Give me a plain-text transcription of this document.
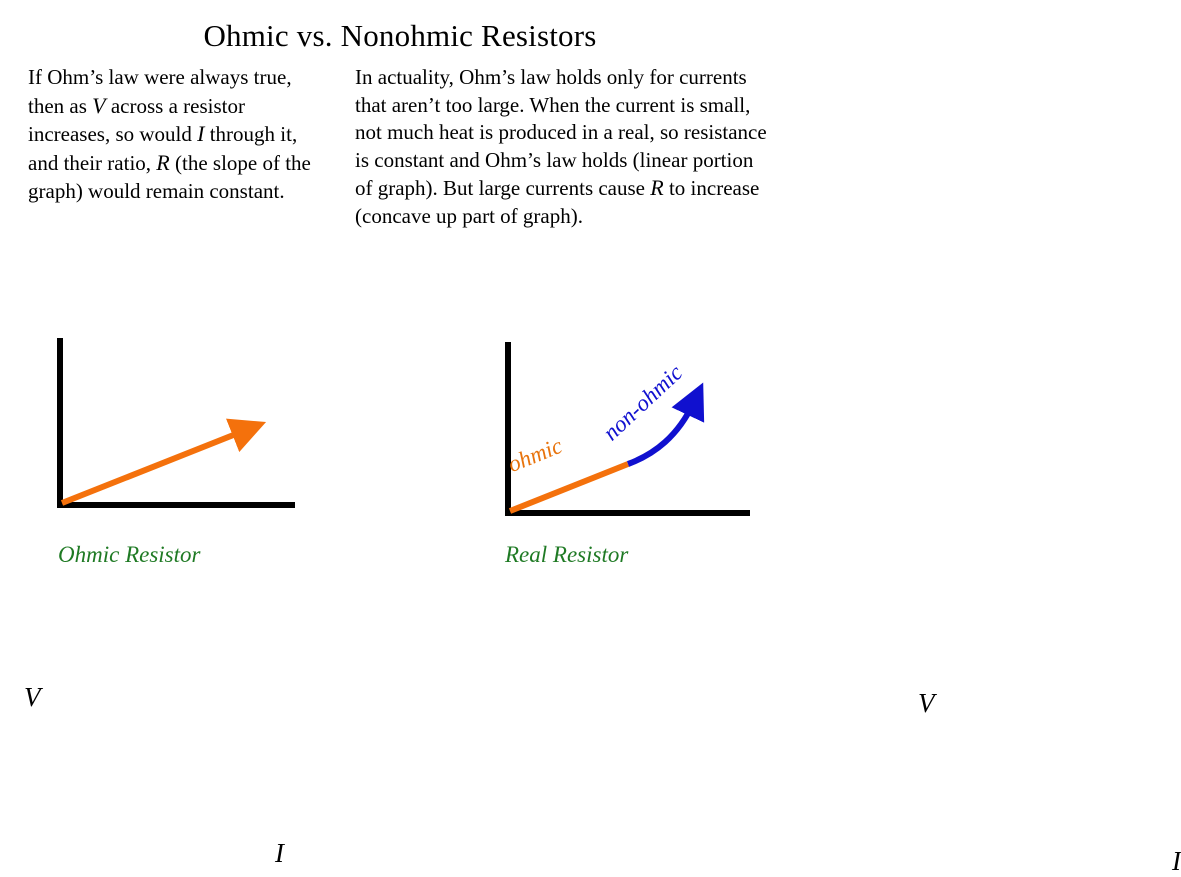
Ohmic vs. Nonohmic Resistors
If Ohm’s law were always true, then as V across a resistor increases, so would I through it, and their ratio, R (the slope of the graph) would remain constant.
In actuality, Ohm’s law holds only for currents that aren’t too large. When the current is small, not much heat is produced in a real, so resistance is constant and Ohm’s law holds (linear portion of graph). But large currents cause R to increase (concave up part of graph).
V
I
Ohmic Resistor
V
I
ohmic
non-ohmic
Real Resistor
